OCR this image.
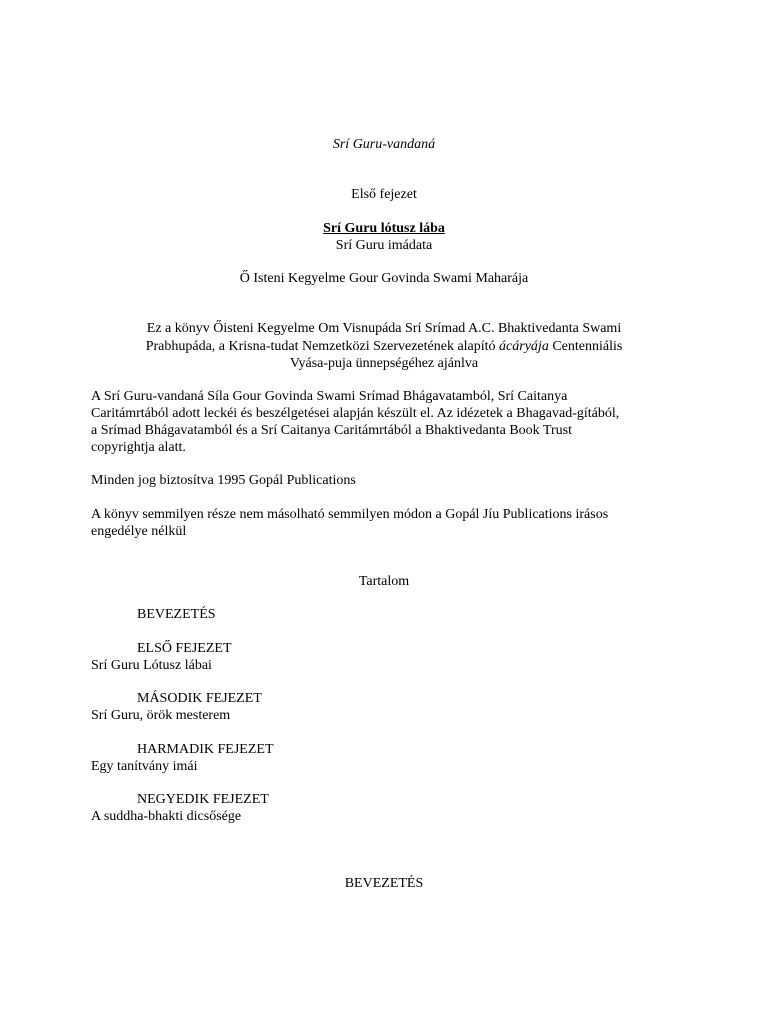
Srí Guru-vandaná
Első fejezet
Srí Guru lótusz lába
Srí Guru imádata
Ő Isteni Kegyelme Gour Govinda Swami Maharája
Ez a könyv Őisteni Kegyelme Om Visnupáda Srí Srímad A.C. Bhaktivedanta Swami
Prabhupáda, a Krisna-tudat Nemzetközi Szervezetének alapító ácáryája Centenniális
Vyása-puja ünnepségéhez ajánlva
A Srí Guru-vandaná Síla Gour Govinda Swami Srímad Bhágavatamból, Srí Caitanya
Caritámrtából adott leckéi és beszélgetései alapján készült el. Az idézetek a Bhagavad-gítából,
a Srímad Bhágavatamból és a Srí Caitanya Caritámrtából a Bhaktivedanta Book Trust
copyrightja alatt.
Minden jog biztosítva 1995 Gopál Publications
A könyv semmilyen része nem másolható semmilyen módon a Gopál Jíu Publications irásos
engedélye nélkül
Tartalom
BEVEZETÉS
ELSŐ FEJEZET
Srí Guru Lótusz lábai
MÁSODIK FEJEZET
Srí Guru, örök mesterem
HARMADIK FEJEZET
Egy tanítvány imái
NEGYEDIK FEJEZET
A suddha-bhakti dicsősége
BEVEZETÉS
